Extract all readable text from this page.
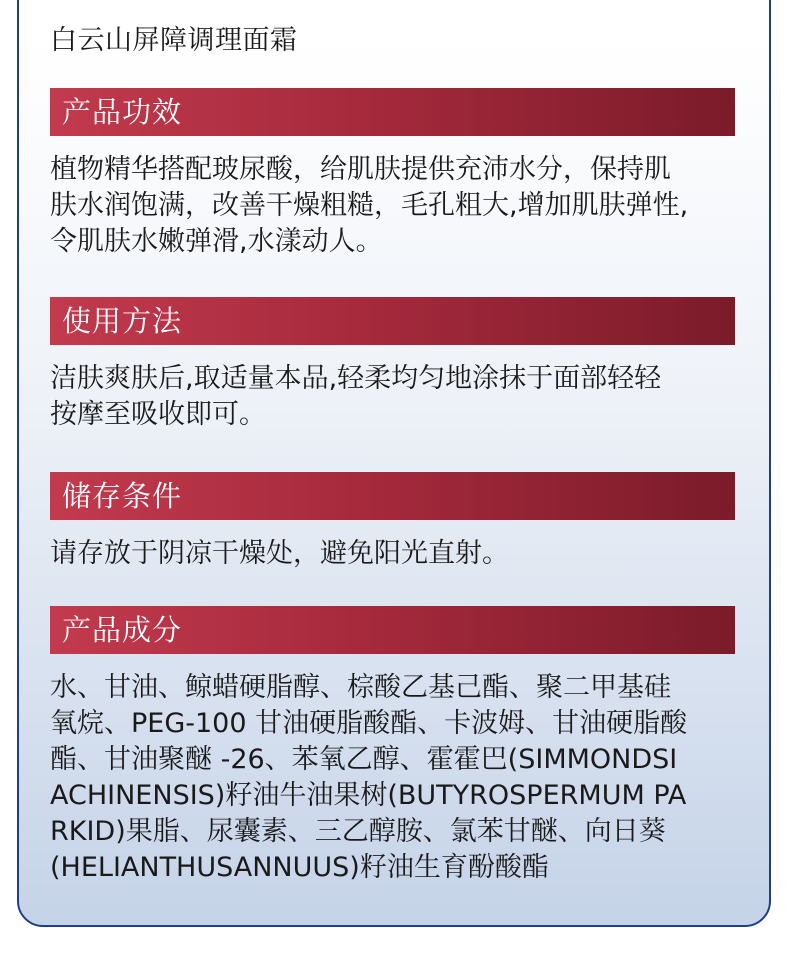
白云山屏障调理面霜
产品功效
植物精华搭配玻尿酸，给肌肤提供充沛水分，保持肌
肤水润饱满，改善干燥粗糙，毛孔粗大,增加肌肤弹性,
令肌肤水嫩弹滑,水漾动人。
使用方法
洁肤爽肤后,取适量本品,轻柔均匀地涂抹于面部轻轻
按摩至吸收即可。
储存条件
请存放于阴凉干燥处，避免阳光直射。
产品成分
水、甘油、鲸蜡硬脂醇、棕酸乙基己酯、聚二甲基硅
氧烷、PEG-100 甘油硬脂酸酯、卡波姆、甘油硬脂酸
酯、甘油聚醚 -26、苯氧乙醇、霍霍巴(SIMMONDSI
ACHINENSIS)籽油牛油果树(BUTYROSPERMUM PA
RKID)果脂、尿囊素、三乙醇胺、氯苯甘醚、向日葵
(HELIANTHUSANNUUS)籽油生育酚酸酯
